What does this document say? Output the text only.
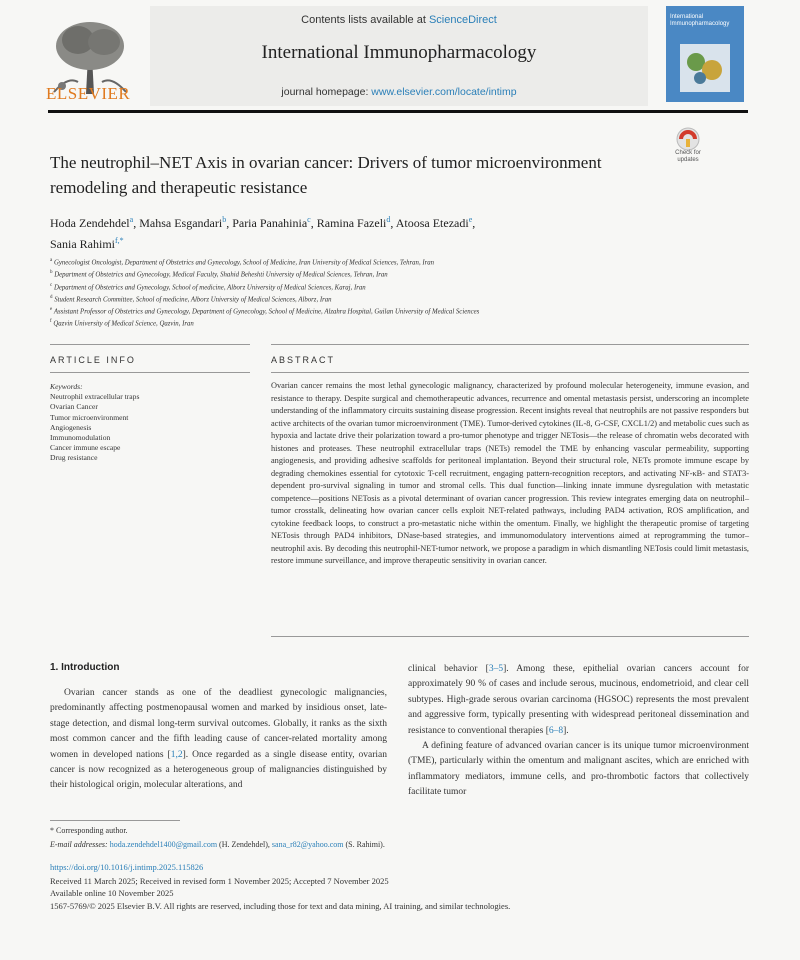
ELSEVIER
Contents lists available at ScienceDirect
International Immunopharmacology
journal homepage: www.elsevier.com/locate/intimp
International Immunopharmacology
Check for updates
The neutrophil–NET Axis in ovarian cancer: Drivers of tumor microenvironment remodeling and therapeutic resistance
Hoda Zendehdel$^a$, Mahsa Esgandari$^b$, Paria Panahinia$^c$, Ramina Fazeli$^d$, Atoosa Etezadi$^e$,
Sania Rahimi$^{f,*}$
$^a$ Gynecologist Oncologist, Department of Obstetrics and Gynecology, School of Medicine, Iran University of Medical Sciences, Tehran, Iran
$^b$ Department of Obstetrics and Gynecology, Medical Faculty, Shahid Beheshti University of Medical Sciences, Tehran, Iran
$^c$ Department of Obstetrics and Gynecology, School of medicine, Alborz University of Medical Sciences, Karaj, Iran
$^d$ Student Research Committee, School of medicine, Alborz University of Medical Sciences, Alborz, Iran
$^e$ Assistant Professor of Obstetrics and Gynecology, Department of Gynecology, School of Medicine, Alzahra Hospital, Guilan University of Medical Sciences
$^f$ Qazvin University of Medical Science, Qazvin, Iran
ARTICLE INFO	ABSTRACT
Keywords:
Neutrophil extracellular traps
Ovarian Cancer
Tumor microenvironment
Angiogenesis
Immunomodulation
Cancer immune escape
Drug resistance
Ovarian cancer remains the most lethal gynecologic malignancy, characterized by profound molecular heterogeneity, immune evasion, and resistance to therapy. Despite surgical and chemotherapeutic advances, recurrence and omental metastasis persist, underscoring an incomplete understanding of the inflammatory circuits sustaining disease progression. Recent insights reveal that neutrophils are not passive responders but active architects of the ovarian tumor microenvironment (TME). Tumor-derived cytokines (IL-8, G-CSF, CXCL1/2) and metabolic cues such as hypoxia and lactate drive their polarization toward a pro-tumor phenotype and trigger NETosis—the release of chromatin webs decorated with histones and proteases. These neutrophil extracellular traps (NETs) remodel the TME by enhancing vascular permeability, supporting angiogenesis, and providing adhesive scaffolds for peritoneal implantation. Beyond their structural role, NETs promote immune escape by degrading chemokines essential for cytotoxic T-cell recruitment, engaging pattern-recognition receptors, and activating NF-κB- and STAT3-dependent pro-survival signaling in tumor and stromal cells. This dual function—linking innate immune dysregulation with metastatic competence—positions NETosis as a pivotal determinant of ovarian cancer progression. This review integrates emerging data on neutrophil–tumor crosstalk, delineating how ovarian cancer cells exploit NET-related pathways, including PAD4 activation, ROS amplification, and cytokine feedback loops, to construct a pro-metastatic niche within the omentum. Finally, we highlight the therapeutic promise of targeting NETosis through PAD4 inhibitors, DNase-based strategies, and immunomodulatory interventions aimed at reprogramming the tumor–neutrophil axis. By decoding this neutrophil-NET-tumor network, we propose a paradigm in which dismantling NETosis could limit metastasis, restore immune surveillance, and improve therapeutic sensitivity in ovarian cancer.
1. Introduction
Ovarian cancer stands as one of the deadliest gynecologic malignancies, predominantly affecting postmenopausal women and marked by insidious onset, late-stage detection, and dismal long-term survival outcomes. Globally, it ranks as the sixth most common cancer and the fifth leading cause of cancer-related mortality among women in developed nations [1,2]. Once regarded as a single disease entity, ovarian cancer is now recognized as a heterogeneous group of malignancies distinguished by their histological origin, molecular alterations, and
clinical behavior [3–5]. Among these, epithelial ovarian cancers account for approximately 90 % of cases and include serous, mucinous, endometrioid, and clear cell subtypes. High-grade serous ovarian carcinoma (HGSOC) represents the most prevalent and aggressive form, typically presenting with widespread peritoneal dissemination and resistance to conventional therapies [6–8].
A defining feature of advanced ovarian cancer is its unique tumor microenvironment (TME), particularly within the omentum and malignant ascites, which are enriched with inflammatory mediators, immune cells, and pro-thrombotic factors that collectively facilitate tumor
* Corresponding author.
E-mail addresses: hoda.zendehdel1400@gmail.com (H. Zendehdel), sana_r82@yahoo.com (S. Rahimi).
https://doi.org/10.1016/j.intimp.2025.115826
Received 11 March 2025; Received in revised form 1 November 2025; Accepted 7 November 2025
Available online 10 November 2025
1567-5769/© 2025 Elsevier B.V. All rights are reserved, including those for text and data mining, AI training, and similar technologies.
